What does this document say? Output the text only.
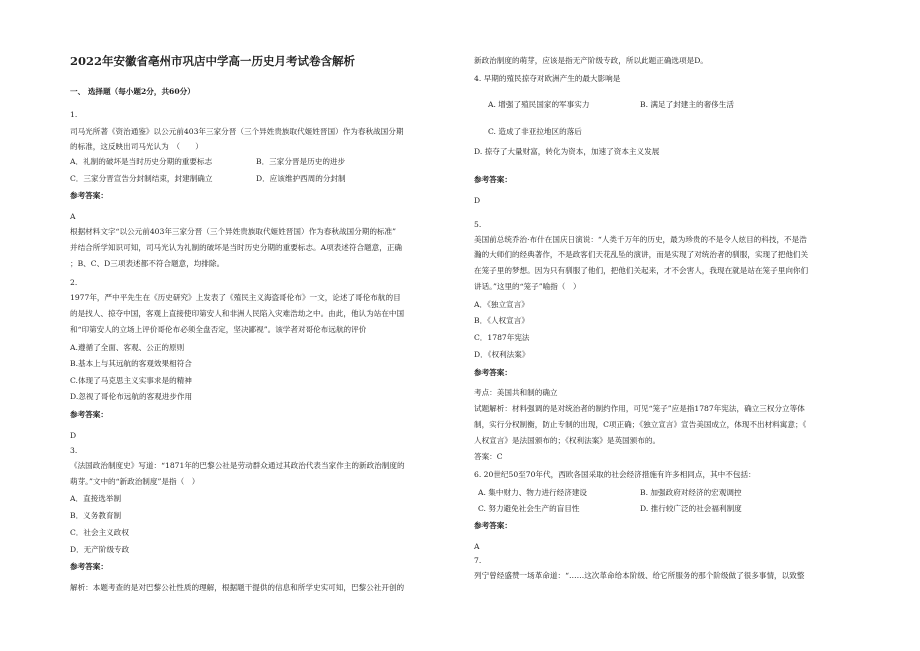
2022年安徽省亳州市巩店中学高一历史月考试卷含解析
一、 选择题（每小题2分，共60分）
1.
司马光所著《资治通鉴》以公元前403年三家分晋（三个异姓贵族取代姬姓晋国）作为春秋战国分期
的标准，这反映出司马光认为　（　　）
A．礼制的破坏是当时历史分期的重要标志	B．三家分晋是历史的进步
C．三家分晋宣告分封制结束，封建制确立	D．应该维护西周的分封制
参考答案：
A
根据材料文字“以公元前403年三家分晋（三个异姓贵族取代姬姓晋国）作为春秋战国分期的标准”
并结合所学知识可知，司马光认为礼制的破坏是当时历史分期的重要标志。A项表述符合题意，正确
；B、C、D三项表述都不符合题意，均排除。
2.
1977年，严中平先生在《历史研究》上发表了《殖民主义海盗哥伦布》一文，论述了哥伦布航的目
的是找人、掠夺中国，客观上直接使印第安人和非洲人民陷入灾难浩劫之中。由此，他认为站在中国
和“印第安人的立场上评价哥伦布必须全盘否定，坚决鄙视”。该学者对哥伦布远航的评价
A.遵循了全面、客观、公正的原则
B.基本上与其远航的客观效果相符合
C.体现了马克思主义实事求是的精神
D.忽视了哥伦布远航的客观进步作用
参考答案：
D
3.
《法国政治制度史》写道：“1871年的巴黎公社是劳动群众通过其政治代表当家作主的新政治制度的
萌芽。”文中的“新政治制度”是指（　）
A．直接选举制
B．义务教育制
C．社会主义政权
D．无产阶级专政
参考答案：
解析：本题考查的是对巴黎公社性质的理解，根据题干提供的信息和所学史实可知，巴黎公社开创的
新政治制度的萌芽，应该是指无产阶级专政，所以此题正确选项是D。
4. 早期的殖民掠夺对欧洲产生的最大影响是
A. 增强了殖民国家的军事实力	B. 满足了封建主的奢侈生活
C. 造成了非亚拉地区的落后
D. 掠夺了大量财富，转化为资本，加速了资本主义发展
参考答案：
D
5.
美国前总统乔治·布什在国庆日演说：“人类千万年的历史，最为珍贵的不是令人炫目的科技，不是浩
瀚的大师们的经典著作，不是政客们天花乱坠的演讲，而是实现了对统治者的驯服，实现了把他们关
在笼子里的梦想。因为只有驯服了他们，把他们关起来，才不会害人，我现在就是站在笼子里向你们
讲话。”这里的“笼子”喻指（　）
A．《独立宣言》
B．《人权宣言》
C．1787年宪法
D．《权利法案》
参考答案：
考点：美国共和制的确立
试题解析：材料强调的是对统治者的制约作用，可见“笼子”应是指1787年宪法，确立三权分立等体
制，实行分权制衡，防止专制的出现，C项正确；《独立宣言》宣告美国成立，体现不出材料寓意；《
人权宣言》是法国颁布的；《权利法案》是英国颁布的。
答案：C
6. 20世纪50至70年代，西欧各国采取的社会经济措施有许多相同点，其中不包括：
A. 集中财力、物力进行经济建设	B. 加强政府对经济的宏观调控
C. 努力避免社会生产的盲目性	D. 推行较广泛的社会福利制度
参考答案：
A
7.
列宁曾经盛赞一场革命道：“……这次革命给本阶级、给它所服务的那个阶级做了很多事情，以致整
